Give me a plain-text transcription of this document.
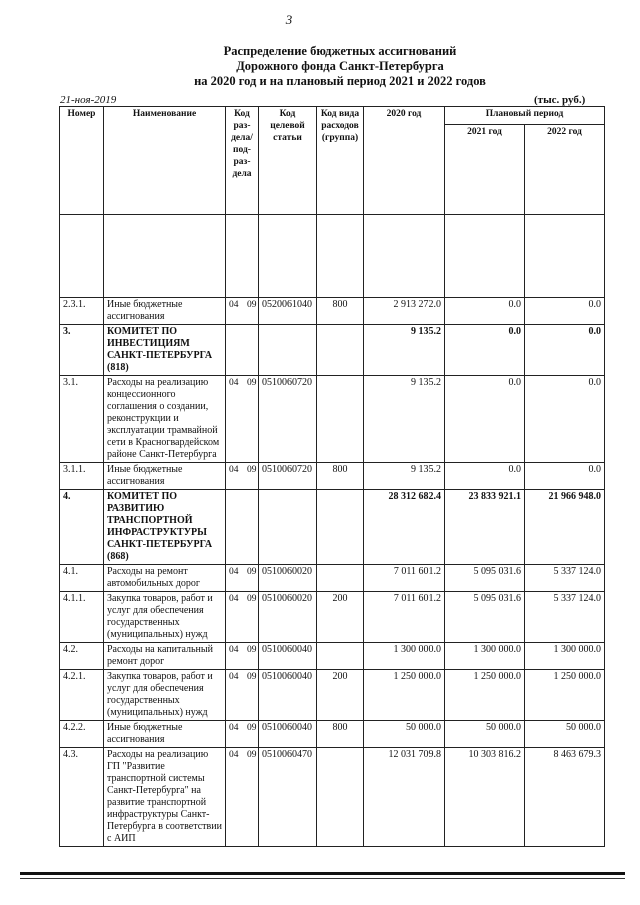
3
Распределение бюджетных ассигнований
Дорожного фонда Санкт-Петербурга
на 2020 год и на плановый период 2021 и 2022 годов
21-ноя-2019	(тыс. руб.)
Номер	Наименование	Код раз-дела/ под-раз-дела	Код целевой статьи	Код вида расходов (группа)	2020 год	Плановый период	
						2021 год	2022 год

2.3.1.	Иные бюджетные ассигнования	04 09	0520061040	800	2 913 272.0	0.0	0.0
3.	КОМИТЕТ ПО ИНВЕСТИЦИЯМ САНКТ-ПЕТЕРБУРГА (818)				9 135.2	0.0	0.0
3.1.	Расходы на реализацию концессионного соглашения о создании, реконструкции и эксплуатации трамвайной сети в Красногвардейском районе Санкт-Петербурга	04 09	0510060720		9 135.2	0.0	0.0
3.1.1.	Иные бюджетные ассигнования	04 09	0510060720	800	9 135.2	0.0	0.0
4.	КОМИТЕТ ПО РАЗВИТИЮ ТРАНСПОРТНОЙ ИНФРАСТРУКТУРЫ САНКТ-ПЕТЕРБУРГА (868)				28 312 682.4	23 833 921.1	21 966 948.0
4.1.	Расходы на ремонт автомобильных дорог	04 09	0510060020		7 011 601.2	5 095 031.6	5 337 124.0
4.1.1.	Закупка товаров, работ и услуг для обеспечения государственных (муниципальных) нужд	04 09	0510060020	200	7 011 601.2	5 095 031.6	5 337 124.0
4.2.	Расходы на капитальный ремонт дорог	04 09	0510060040		1 300 000.0	1 300 000.0	1 300 000.0
4.2.1.	Закупка товаров, работ и услуг для обеспечения государственных (муниципальных) нужд	04 09	0510060040	200	1 250 000.0	1 250 000.0	1 250 000.0
4.2.2.	Иные бюджетные ассигнования	04 09	0510060040	800	50 000.0	50 000.0	50 000.0
4.3.	Расходы на реализацию ГП "Развитие транспортной системы Санкт-Петербурга" на развитие транспортной инфраструктуры Санкт-Петербурга в соответствии с АИП	04 09	0510060470		12 031 709.8	10 303 816.2	8 463 679.3
